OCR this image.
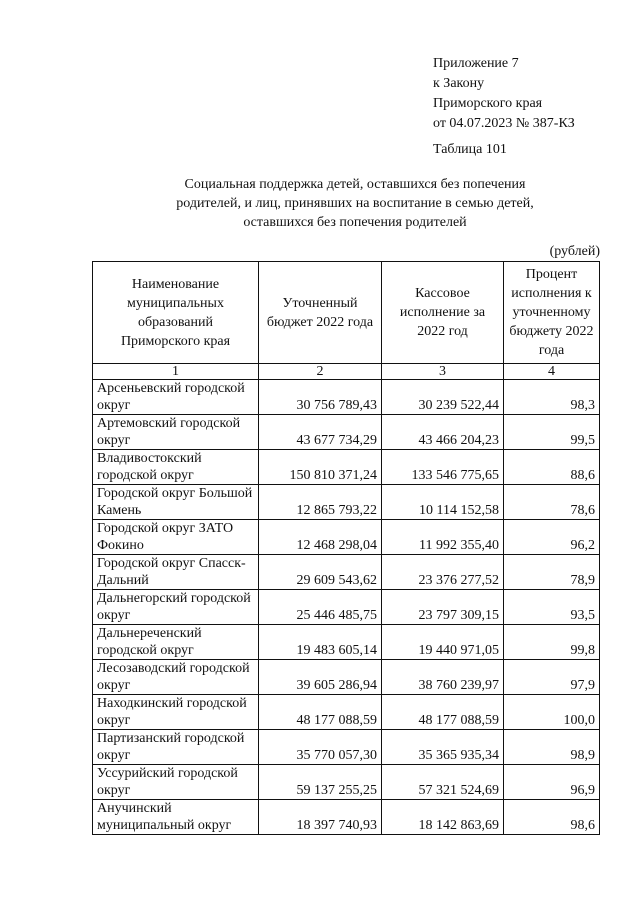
Приложение 7
к Закону
Приморского края
от 04.07.2023 № 387-КЗ
Таблица 101
Социальная поддержка детей, оставшихся без попечения
родителей, и лиц, принявших на воспитание в семью детей,
оставшихся без попечения родителей
(рублей)
Наименование муниципальных образований Приморского края	Уточненный бюджет 2022 года	Кассовое исполнение за 2022 год	Процент исполнения к уточненному бюджету 2022 года
1	2	3	4
Арсеньевский городской округ	30 756 789,43	30 239 522,44	98,3
Артемовский городской округ	43 677 734,29	43 466 204,23	99,5
Владивостокский городской округ	150 810 371,24	133 546 775,65	88,6
Городской округ Большой Камень	12 865 793,22	10 114 152,58	78,6
Городской округ ЗАТО Фокино	12 468 298,04	11 992 355,40	96,2
Городской округ Спасск-Дальний	29 609 543,62	23 376 277,52	78,9
Дальнегорский городской округ	25 446 485,75	23 797 309,15	93,5
Дальнереченский городской округ	19 483 605,14	19 440 971,05	99,8
Лесозаводский городской округ	39 605 286,94	38 760 239,97	97,9
Находкинский городской округ	48 177 088,59	48 177 088,59	100,0
Партизанский городской округ	35 770 057,30	35 365 935,34	98,9
Уссурийский городской округ	59 137 255,25	57 321 524,69	96,9
Анучинский муниципальный округ	18 397 740,93	18 142 863,69	98,6
